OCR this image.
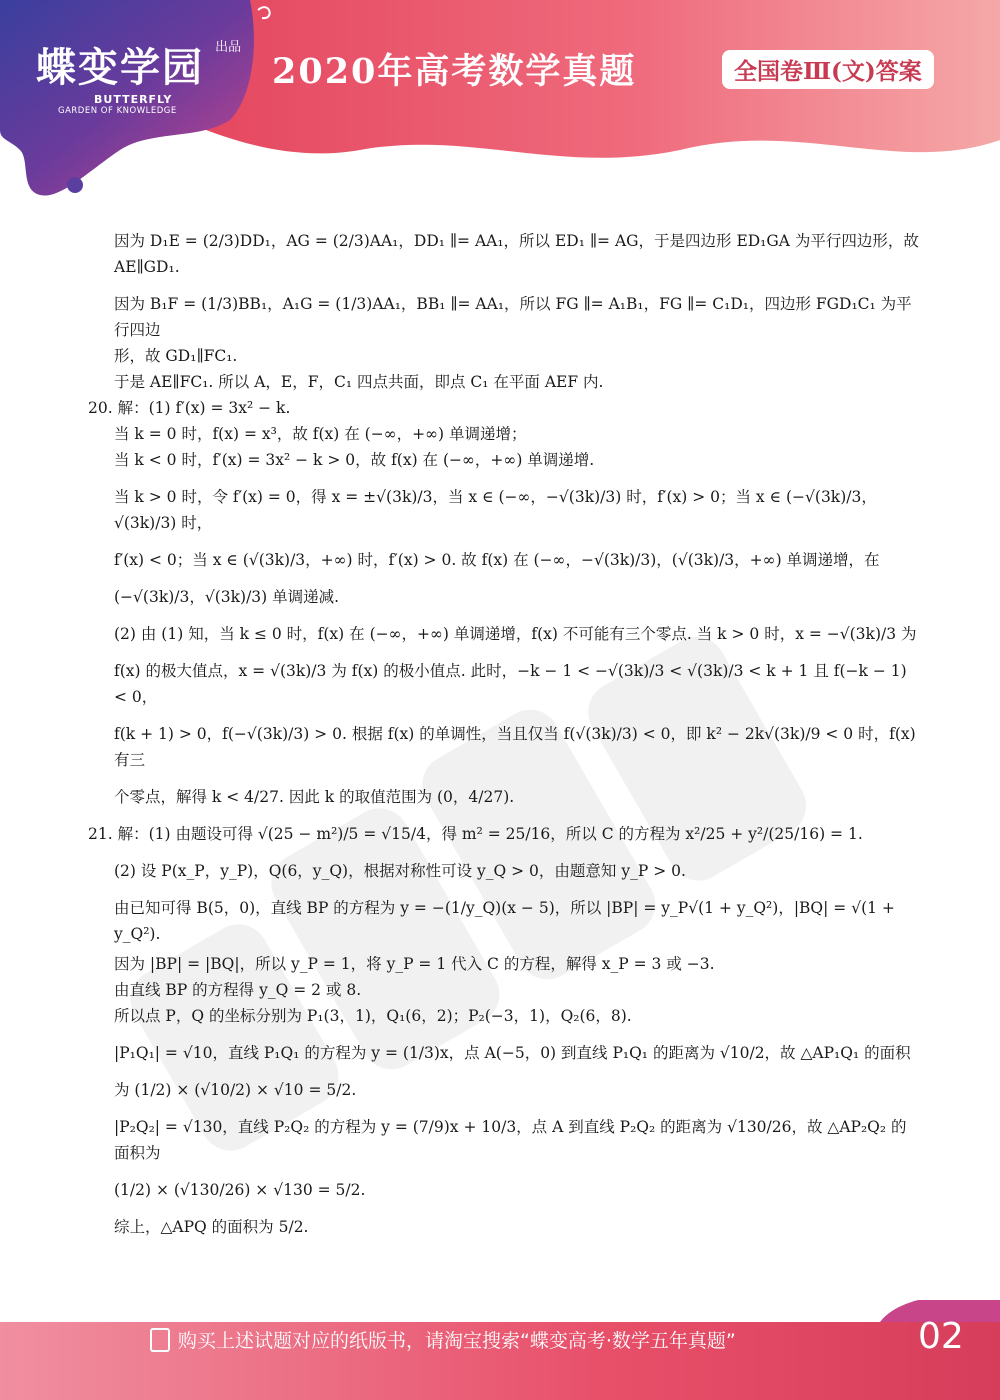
蝶变学园 $^{出品}$
BUTTERFLY
GARDEN OF KNOWLEDGE
2020年高考数学真题	全国卷Ⅲ(文)答案

因为 D₁E = (2/3)DD₁，AG = (2/3)AA₁，DD₁ ∥= AA₁，所以 ED₁ ∥= AG，于是四边形 ED₁GA 为平行四边形，故

AE∥GD₁.

因为 B₁F = (1/3)BB₁，A₁G = (1/3)AA₁，BB₁ ∥= AA₁，所以 FG ∥= A₁B₁，FG ∥= C₁D₁，四边形 FGD₁C₁ 为平行四边

形，故 GD₁∥FC₁.

于是 AE∥FC₁. 所以 A，E，F，C₁ 四点共面，即点 C₁ 在平面 AEF 内.

20. 解：(1) f′(x) = 3x² − k.

当 k = 0 时，f(x) = x³，故 f(x) 在 (−∞，+∞) 单调递增；

当 k < 0 时，f′(x) = 3x² − k > 0，故 f(x) 在 (−∞，+∞) 单调递增.

当 k > 0 时，令 f′(x) = 0，得 x = ±√(3k)/3，当 x ∈ (−∞，−√(3k)/3) 时，f′(x) > 0；当 x ∈ (−√(3k)/3，√(3k)/3) 时，

f′(x) < 0；当 x ∈ (√(3k)/3，+∞) 时，f′(x) > 0. 故 f(x) 在 (−∞，−√(3k)/3)，(√(3k)/3，+∞) 单调递增，在

(−√(3k)/3，√(3k)/3) 单调递减.

(2) 由 (1) 知，当 k ≤ 0 时，f(x) 在 (−∞，+∞) 单调递增，f(x) 不可能有三个零点. 当 k > 0 时，x = −√(3k)/3 为

f(x) 的极大值点，x = √(3k)/3 为 f(x) 的极小值点. 此时，−k − 1 < −√(3k)/3 < √(3k)/3 < k + 1 且 f(−k − 1) < 0，

f(k + 1) > 0，f(−√(3k)/3) > 0. 根据 f(x) 的单调性，当且仅当 f(√(3k)/3) < 0，即 k² − 2k√(3k)/9 < 0 时，f(x) 有三

个零点，解得 k < 4/27. 因此 k 的取值范围为 (0，4/27).

21. 解：(1) 由题设可得 √(25 − m²)/5 = √15/4，得 m² = 25/16，所以 C 的方程为 x²/25 + y²/(25/16) = 1.

(2) 设 P(x_P，y_P)，Q(6，y_Q)，根据对称性可设 y_Q > 0，由题意知 y_P > 0.

由已知可得 B(5，0)，直线 BP 的方程为 y = −(1/y_Q)(x − 5)，所以 |BP| = y_P√(1 + y_Q²)，|BQ| = √(1 + y_Q²).

因为 |BP| = |BQ|，所以 y_P = 1，将 y_P = 1 代入 C 的方程，解得 x_P = 3 或 −3.

由直线 BP 的方程得 y_Q = 2 或 8.

所以点 P，Q 的坐标分别为 P₁(3，1)，Q₁(6，2)；P₂(−3，1)，Q₂(6，8).

|P₁Q₁| = √10，直线 P₁Q₁ 的方程为 y = (1/3)x，点 A(−5，0) 到直线 P₁Q₁ 的距离为 √10/2，故 △AP₁Q₁ 的面积

为 (1/2) × (√10/2) × √10 = 5/2.

|P₂Q₂| = √130，直线 P₂Q₂ 的方程为 y = (7/9)x + 10/3，点 A 到直线 P₂Q₂ 的距离为 √130/26，故 △AP₂Q₂ 的面积为

(1/2) × (√130/26) × √130 = 5/2.

综上，△APQ 的面积为 5/2.

购买上述试题对应的纸版书，请淘宝搜索“蝶变高考·数学五年真题”	02
